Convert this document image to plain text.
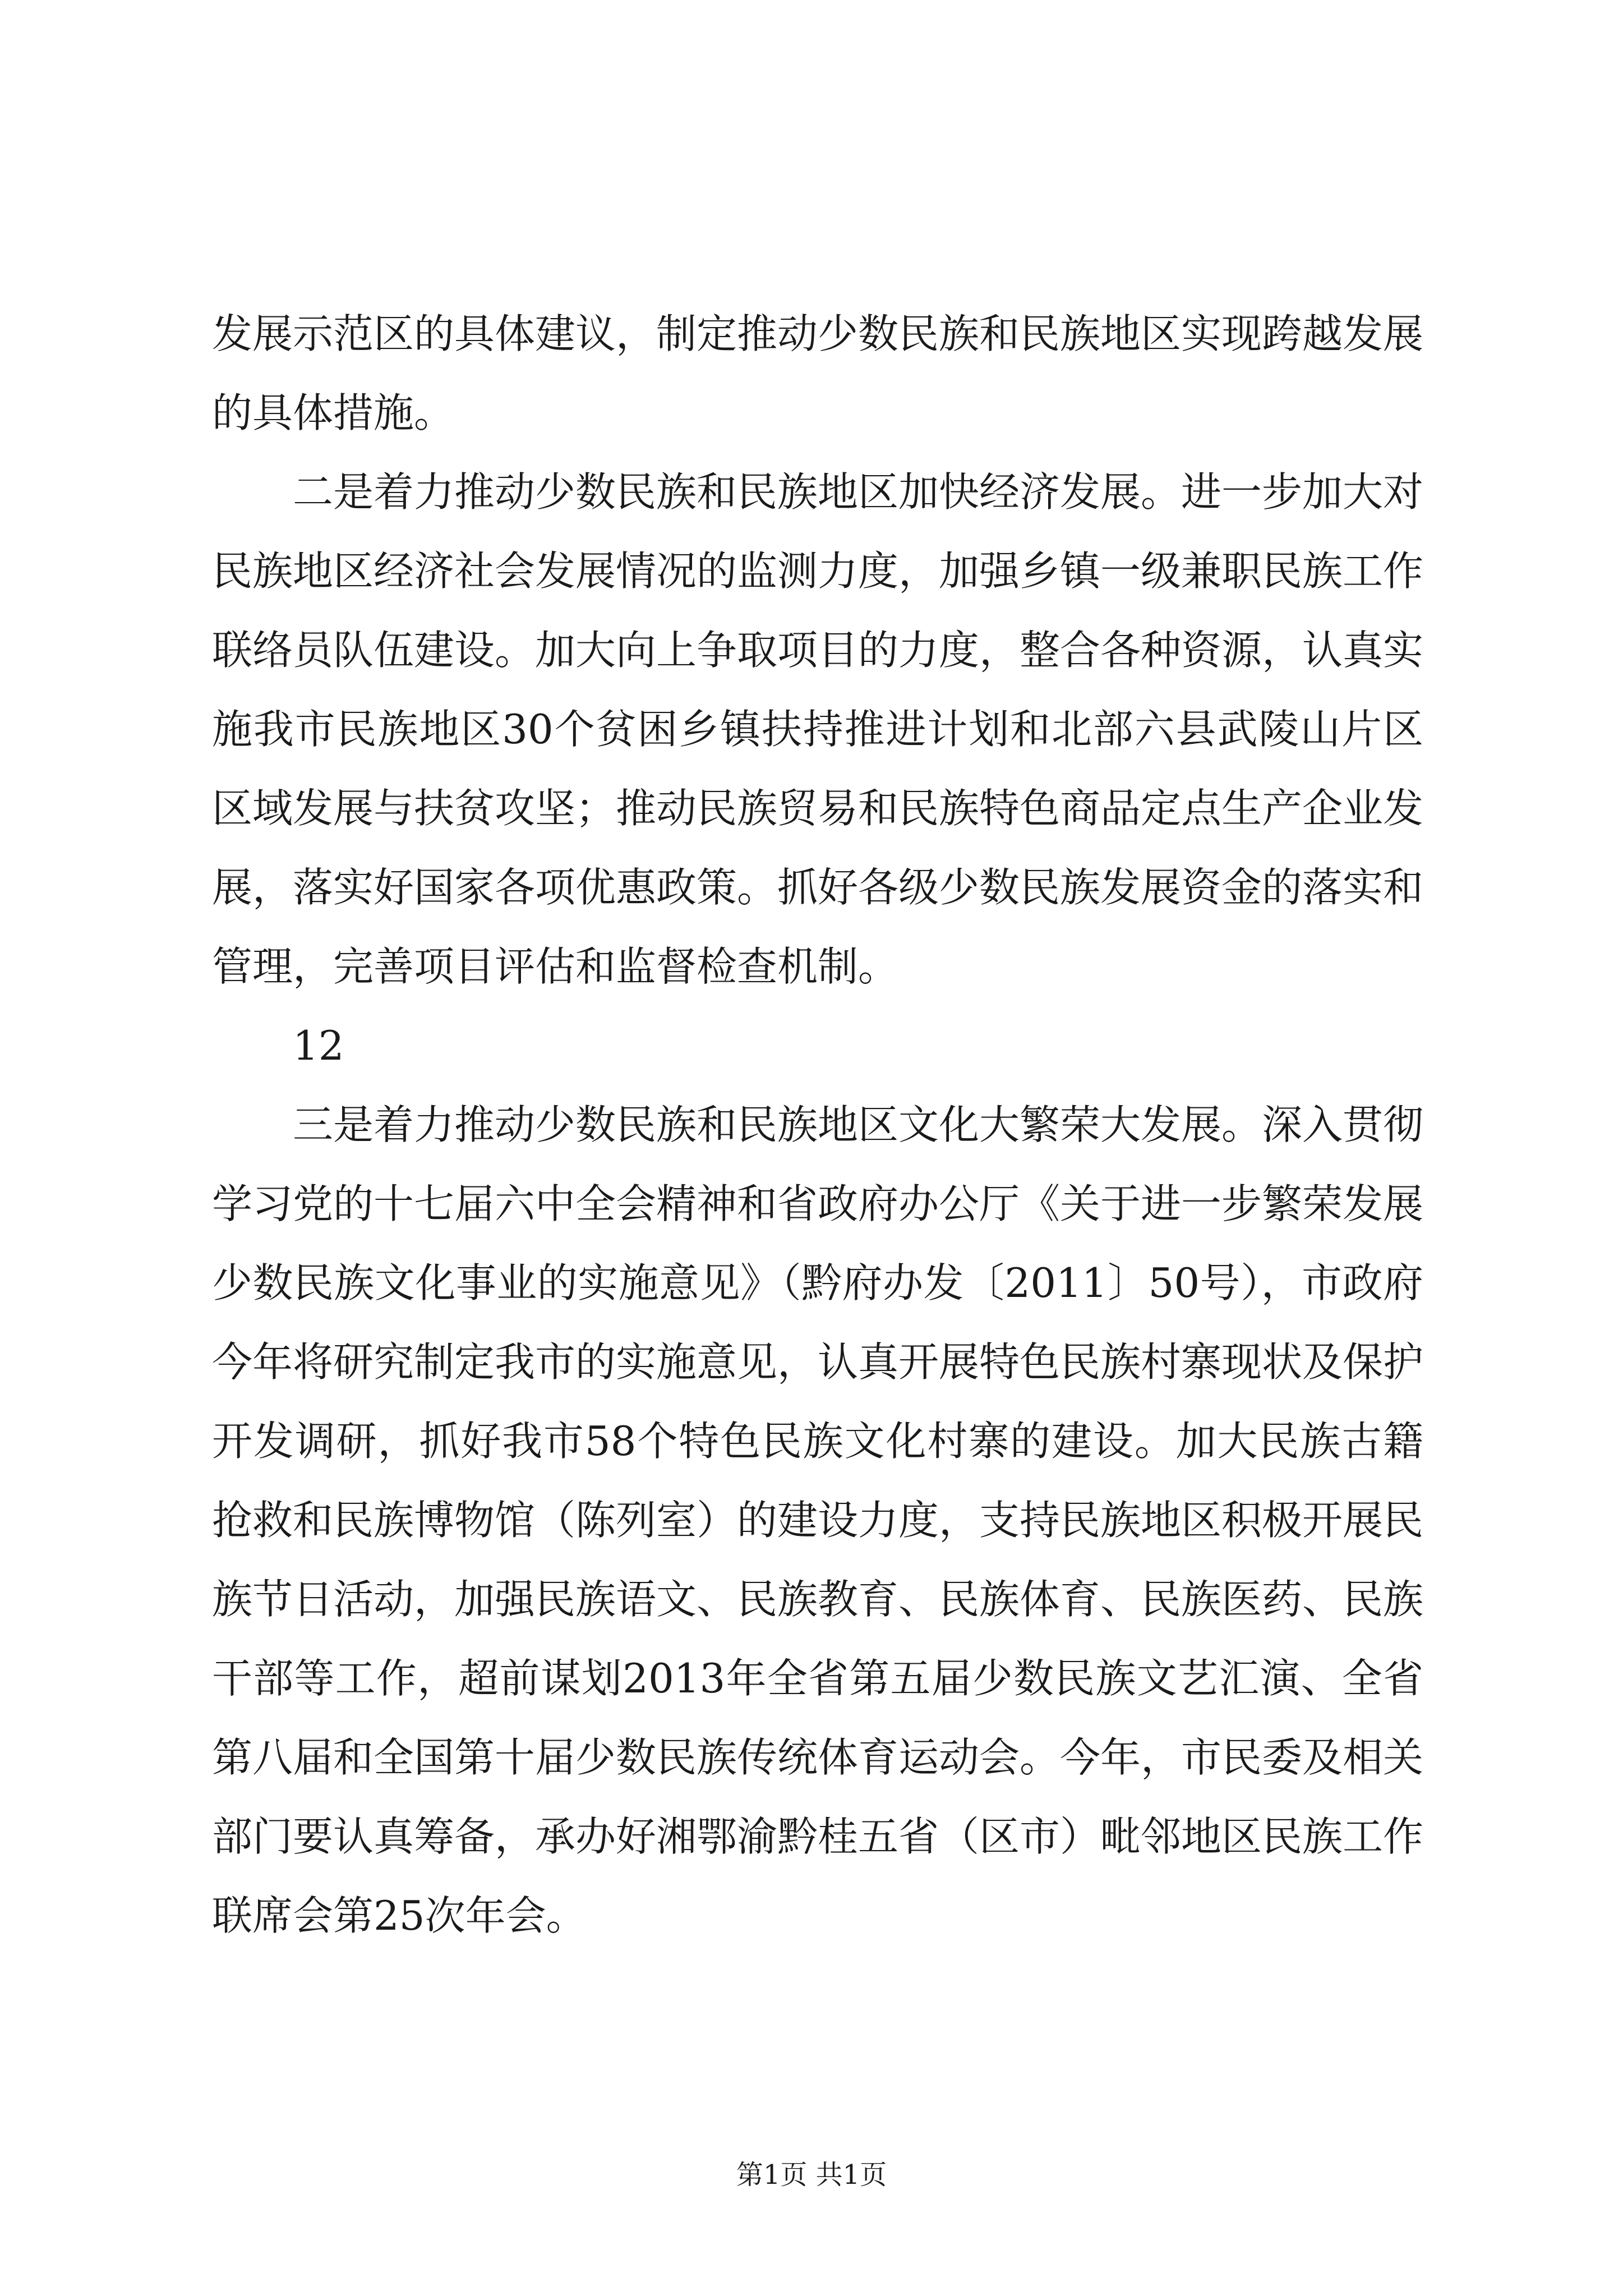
发展示范区的具体建议，制定推动少数民族和民族地区实现跨越发展的具体措施。

二是着力推动少数民族和民族地区加快经济发展。进一步加大对民族地区经济社会发展情况的监测力度，加强乡镇一级兼职民族工作联络员队伍建设。加大向上争取项目的力度，整合各种资源，认真实施我市民族地区30个贫困乡镇扶持推进计划和北部六县武陵山片区区域发展与扶贫攻坚；推动民族贸易和民族特色商品定点生产企业发展，落实好国家各项优惠政策。抓好各级少数民族发展资金的落实和管理，完善项目评估和监督检查机制。

12

三是着力推动少数民族和民族地区文化大繁荣大发展。深入贯彻学习党的十七届六中全会精神和省政府办公厅《关于进一步繁荣发展少数民族文化事业的实施意见》（黔府办发〔2011〕50号），市政府今年将研究制定我市的实施意见，认真开展特色民族村寨现状及保护开发调研，抓好我市58个特色民族文化村寨的建设。加大民族古籍抢救和民族博物馆（陈列室）的建设力度，支持民族地区积极开展民族节日活动，加强民族语文、民族教育、民族体育、民族医药、民族干部等工作，超前谋划2013年全省第五届少数民族文艺汇演、全省第八届和全国第十届少数民族传统体育运动会。今年，市民委及相关部门要认真筹备，承办好湘鄂渝黔桂五省（区市）毗邻地区民族工作联席会第25次年会。

第1页 共1页
